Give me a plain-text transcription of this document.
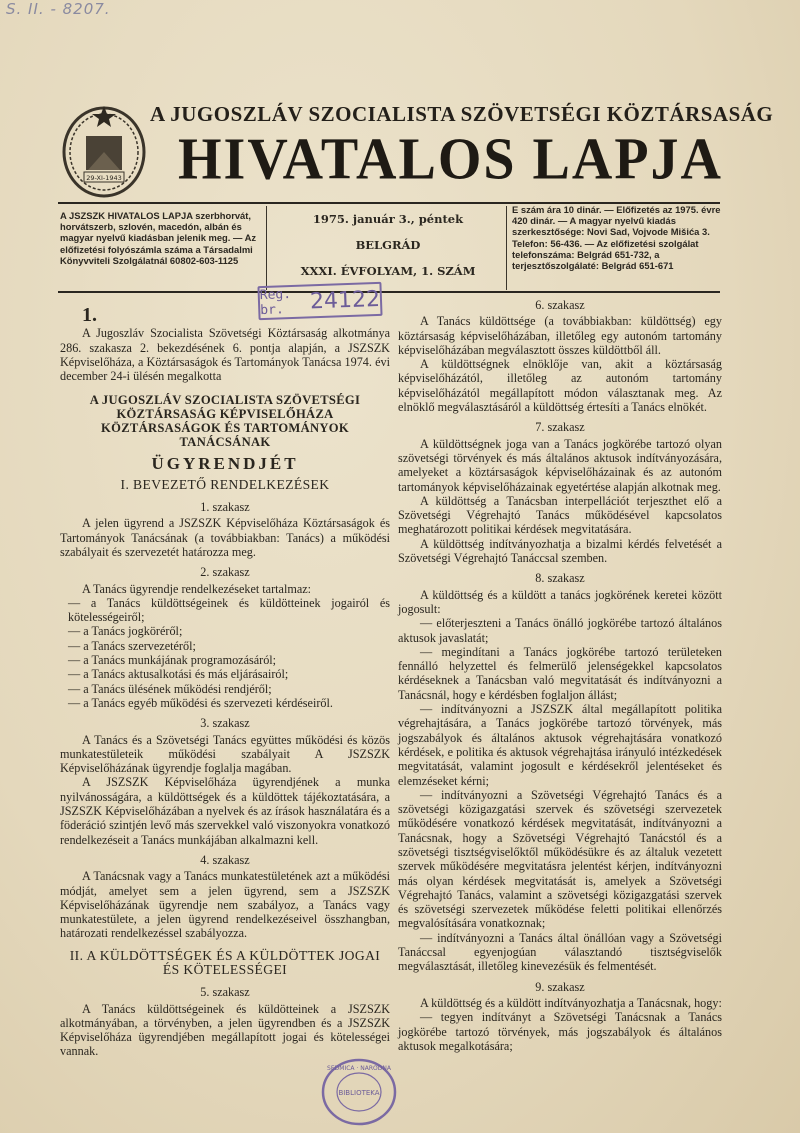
S. II. - 8207.
29-XI-1943
A JUGOSZLÁV SZOCIALISTA SZÖVETSÉGI KÖZTÁRSASÁG
HIVATALOS LAPJA
A JSZSZK HIVATALOS LAPJA szerbhorvát, horvátszerb, szlovén, macedón, albán és magyar nyelvű kiadásban jelenik meg. — Az előfizetési folyószámla száma a Társadalmi Könyvviteli Szolgálatnál 60802-603-1125
1975. január 3., péntek
BELGRÁD
XXXI. ÉVFOLYAM, 1. SZÁM
E szám ára 10 dinár. — Előfizetés az 1975. évre 420 dinár. — A magyar nyelvű kiadás szerkesztősége: Novi Sad, Vojvode Mišića 3. Telefon: 56-436. — Az előfizetési szolgálat telefonszáma: Belgrád 651-732, a terjesztőszolgálaté: Belgrád 651-671
Reg. br.	24122
1.

A Jugoszláv Szocialista Szövetségi Köztársaság alkotmánya 286. szakasza 2. bekezdésének 6. pontja alapján, a JSZSZK Képviselőháza, a Köztársaságok és Tartományok Tanácsa 1974. évi december 24-i ülésén megalkotta

A JUGOSZLÁV SZOCIALISTA SZÖVETSÉGI KÖZTÁRSASÁG KÉPVISELŐHÁZA KÖZTÁRSASÁGOK ÉS TARTOMÁNYOK TANÁCSÁNAK
ÜGYRENDJÉT
I. BEVEZETŐ RENDELKEZÉSEK
1. szakasz

A jelen ügyrend a JSZSZK Képviselőháza Köztársaságok és Tartományok Tanácsának (a továbbiakban: Tanács) a működési szabályait és szervezetét határozza meg.

2. szakasz

A Tanács ügyrendje rendelkezéseket tartalmaz:

— a Tanács küldöttségeinek és küldötteinek jogairól és kötelességeiről;

— a Tanács jogköréről;

— a Tanács szervezetéről;

— a Tanács munkájának programozásáról;

— a Tanács aktusalkotási és más eljárásairól;

— a Tanács ülésének működési rendjéről;

— a Tanács egyéb működési és szervezeti kérdéseiről.

3. szakasz

A Tanács és a Szövetségi Tanács együttes működési és közös munkatestületeik működési szabályait A JSZSZK Képviselőházának ügyrendje foglalja magában.

A JSZSZK Képviselőháza ügyrendjének a munka nyilvánosságára, a küldöttségek és a küldöttek tájékoztatására, a JSZSZK Képviselőházában a nyelvek és az írások használatára és a föderáció szintjén levő más szervekkel való viszonyokra vonatkozó rendelkezéseit a Tanács munkájában alkalmazni kell.

4. szakasz

A Tanácsnak vagy a Tanács munkatestületének azt a működési módját, amelyet sem a jelen ügyrend, sem a JSZSZK Képviselőházának ügyrendje nem szabályoz, a Tanács vagy munkatestülete, a jelen ügyrend rendelkezéseivel összhangban, határozati rendelkezéssel szabályozza.

II. A KÜLDÖTTSÉGEK ÉS A KÜLDÖTTEK JOGAI ÉS KÖTELESSÉGEI
5. szakasz

A Tanács küldöttségeinek és küldötteinek a JSZSZK alkotmányában, a törvényben, a jelen ügyrendben és a JSZSZK Képviselőháza ügyrendjében megállapított jogai és kötelességei vannak.

6. szakasz

A Tanács küldöttsége (a továbbiakban: küldöttség) egy köztársaság képviselőházában, illetőleg egy autonóm tartomány képviselőházában megválasztott összes küldöttből áll.

A küldöttségnek elnöklője van, akit a köztársaság képviselőházától, illetőleg az autonóm tartomány képviselőházától megállapított módon választanak meg. Az elnöklő megválasztásáról a küldöttség értesíti a Tanács elnökét.

7. szakasz

A küldöttségnek joga van a Tanács jogkörébe tartozó olyan szövetségi törvények és más általános aktusok indítványozására, amelyeket a köztársaságok képviselőházainak és az autonóm tartományok képviselőházainak egyetértése alapján alkotnak meg.

A küldöttség a Tanácsban interpellációt terjeszthet elő a Szövetségi Végrehajtó Tanács működésével kapcsolatos meghatározott politikai kérdések megvitatására.

A küldöttség indítványozhatja a bizalmi kérdés felvetését a Szövetségi Végrehajtó Tanáccsal szemben.

8. szakasz

A küldöttség és a küldött a tanács jogkörének keretei között jogosult:

— előterjeszteni a Tanács önálló jogkörébe tartozó általános aktusok javaslatát;

— megindítani a Tanács jogkörébe tartozó területeken fennálló helyzettel és felmerülő jelenségekkel kapcsolatos kérdéseknek a Tanácsban való megvitatását és indítványozni a Tanácsnál, hogy e kérdésben foglaljon állást;

— indítványozni a JSZSZK által megállapított politika végrehajtására, a Tanács jogkörébe tartozó törvények, más jogszabályok és általános aktusok végrehajtására vonatkozó kérdések, e politika és aktusok végrehajtása irányuló intézkedések megvitatását, valamint jogosult e kérdésekről jelentéseket és elemzéseket kérni;

— indítványozni a Szövetségi Végrehajtó Tanács és a szövetségi közigazgatási szervek és szövetségi szervezetek működésére vonatkozó kérdések megvitatását, indítványozni a Tanácsnak, hogy a Szövetségi Végrehajtó Tanácstól és a szövetségi tisztségviselőktől működésükre és az általuk vezetett szervek működésére megvitatásra jelentést kérjen, indítványozni más olyan kérdések megvitatását is, amelyek a Szövetségi Végrehajtó Tanács, valamint a szövetségi közigazgatási szervek és szövetségi szervezetek működése feletti politikai ellenőrzés megvalósítására vonatkoznak;

— indítványozni a Tanács által önállóan vagy a Szövetségi Tanáccsal egyenjogúan választandó tisztségviselők megválasztását, illetőleg kinevezésük és felmentését.

9. szakasz

A küldöttség és a küldött indítványozhatja a Tanácsnak, hogy:

— tegyen indítványt a Szövetségi Tanácsnak a Tanács jogkörébe tartozó törvények, más jogszabályok és általános aktusok megalkotására;

SEDMICA · NARODNA
BIBLIOTEKA
